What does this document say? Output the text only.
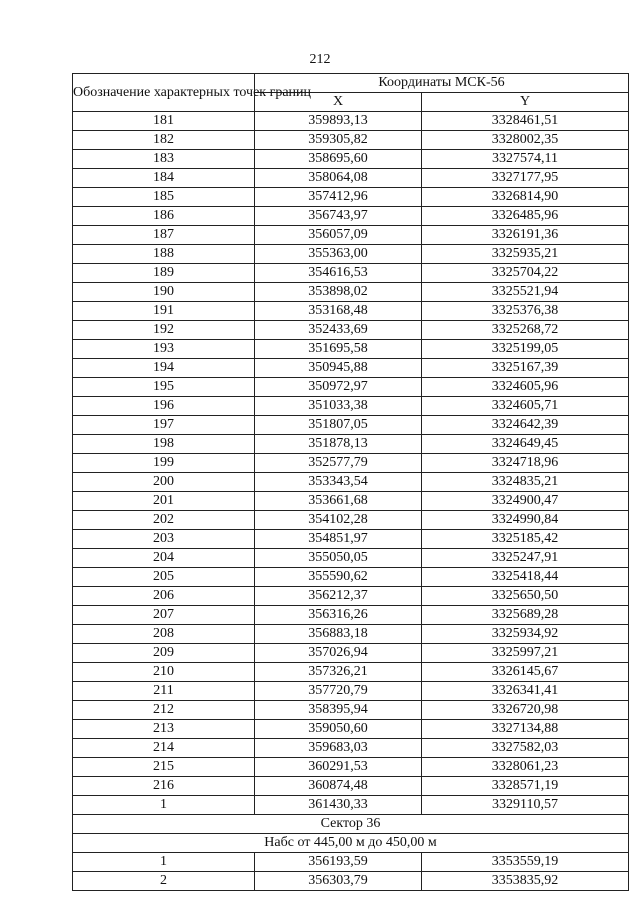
212
Обозначение характерных точек границ	Координаты МСК-56	
	X	Y
181	359893,13	3328461,51
182	359305,82	3328002,35
183	358695,60	3327574,11
184	358064,08	3327177,95
185	357412,96	3326814,90
186	356743,97	3326485,96
187	356057,09	3326191,36
188	355363,00	3325935,21
189	354616,53	3325704,22
190	353898,02	3325521,94
191	353168,48	3325376,38
192	352433,69	3325268,72
193	351695,58	3325199,05
194	350945,88	3325167,39
195	350972,97	3324605,96
196	351033,38	3324605,71
197	351807,05	3324642,39
198	351878,13	3324649,45
199	352577,79	3324718,96
200	353343,54	3324835,21
201	353661,68	3324900,47
202	354102,28	3324990,84
203	354851,97	3325185,42
204	355050,05	3325247,91
205	355590,62	3325418,44
206	356212,37	3325650,50
207	356316,26	3325689,28
208	356883,18	3325934,92
209	357026,94	3325997,21
210	357326,21	3326145,67
211	357720,79	3326341,41
212	358395,94	3326720,98
213	359050,60	3327134,88
214	359683,03	3327582,03
215	360291,53	3328061,23
216	360874,48	3328571,19
1	361430,33	3329110,57
Сектор 36		
Набс от 445,00 м до 450,00 м		
1	356193,59	3353559,19
2	356303,79	3353835,92
